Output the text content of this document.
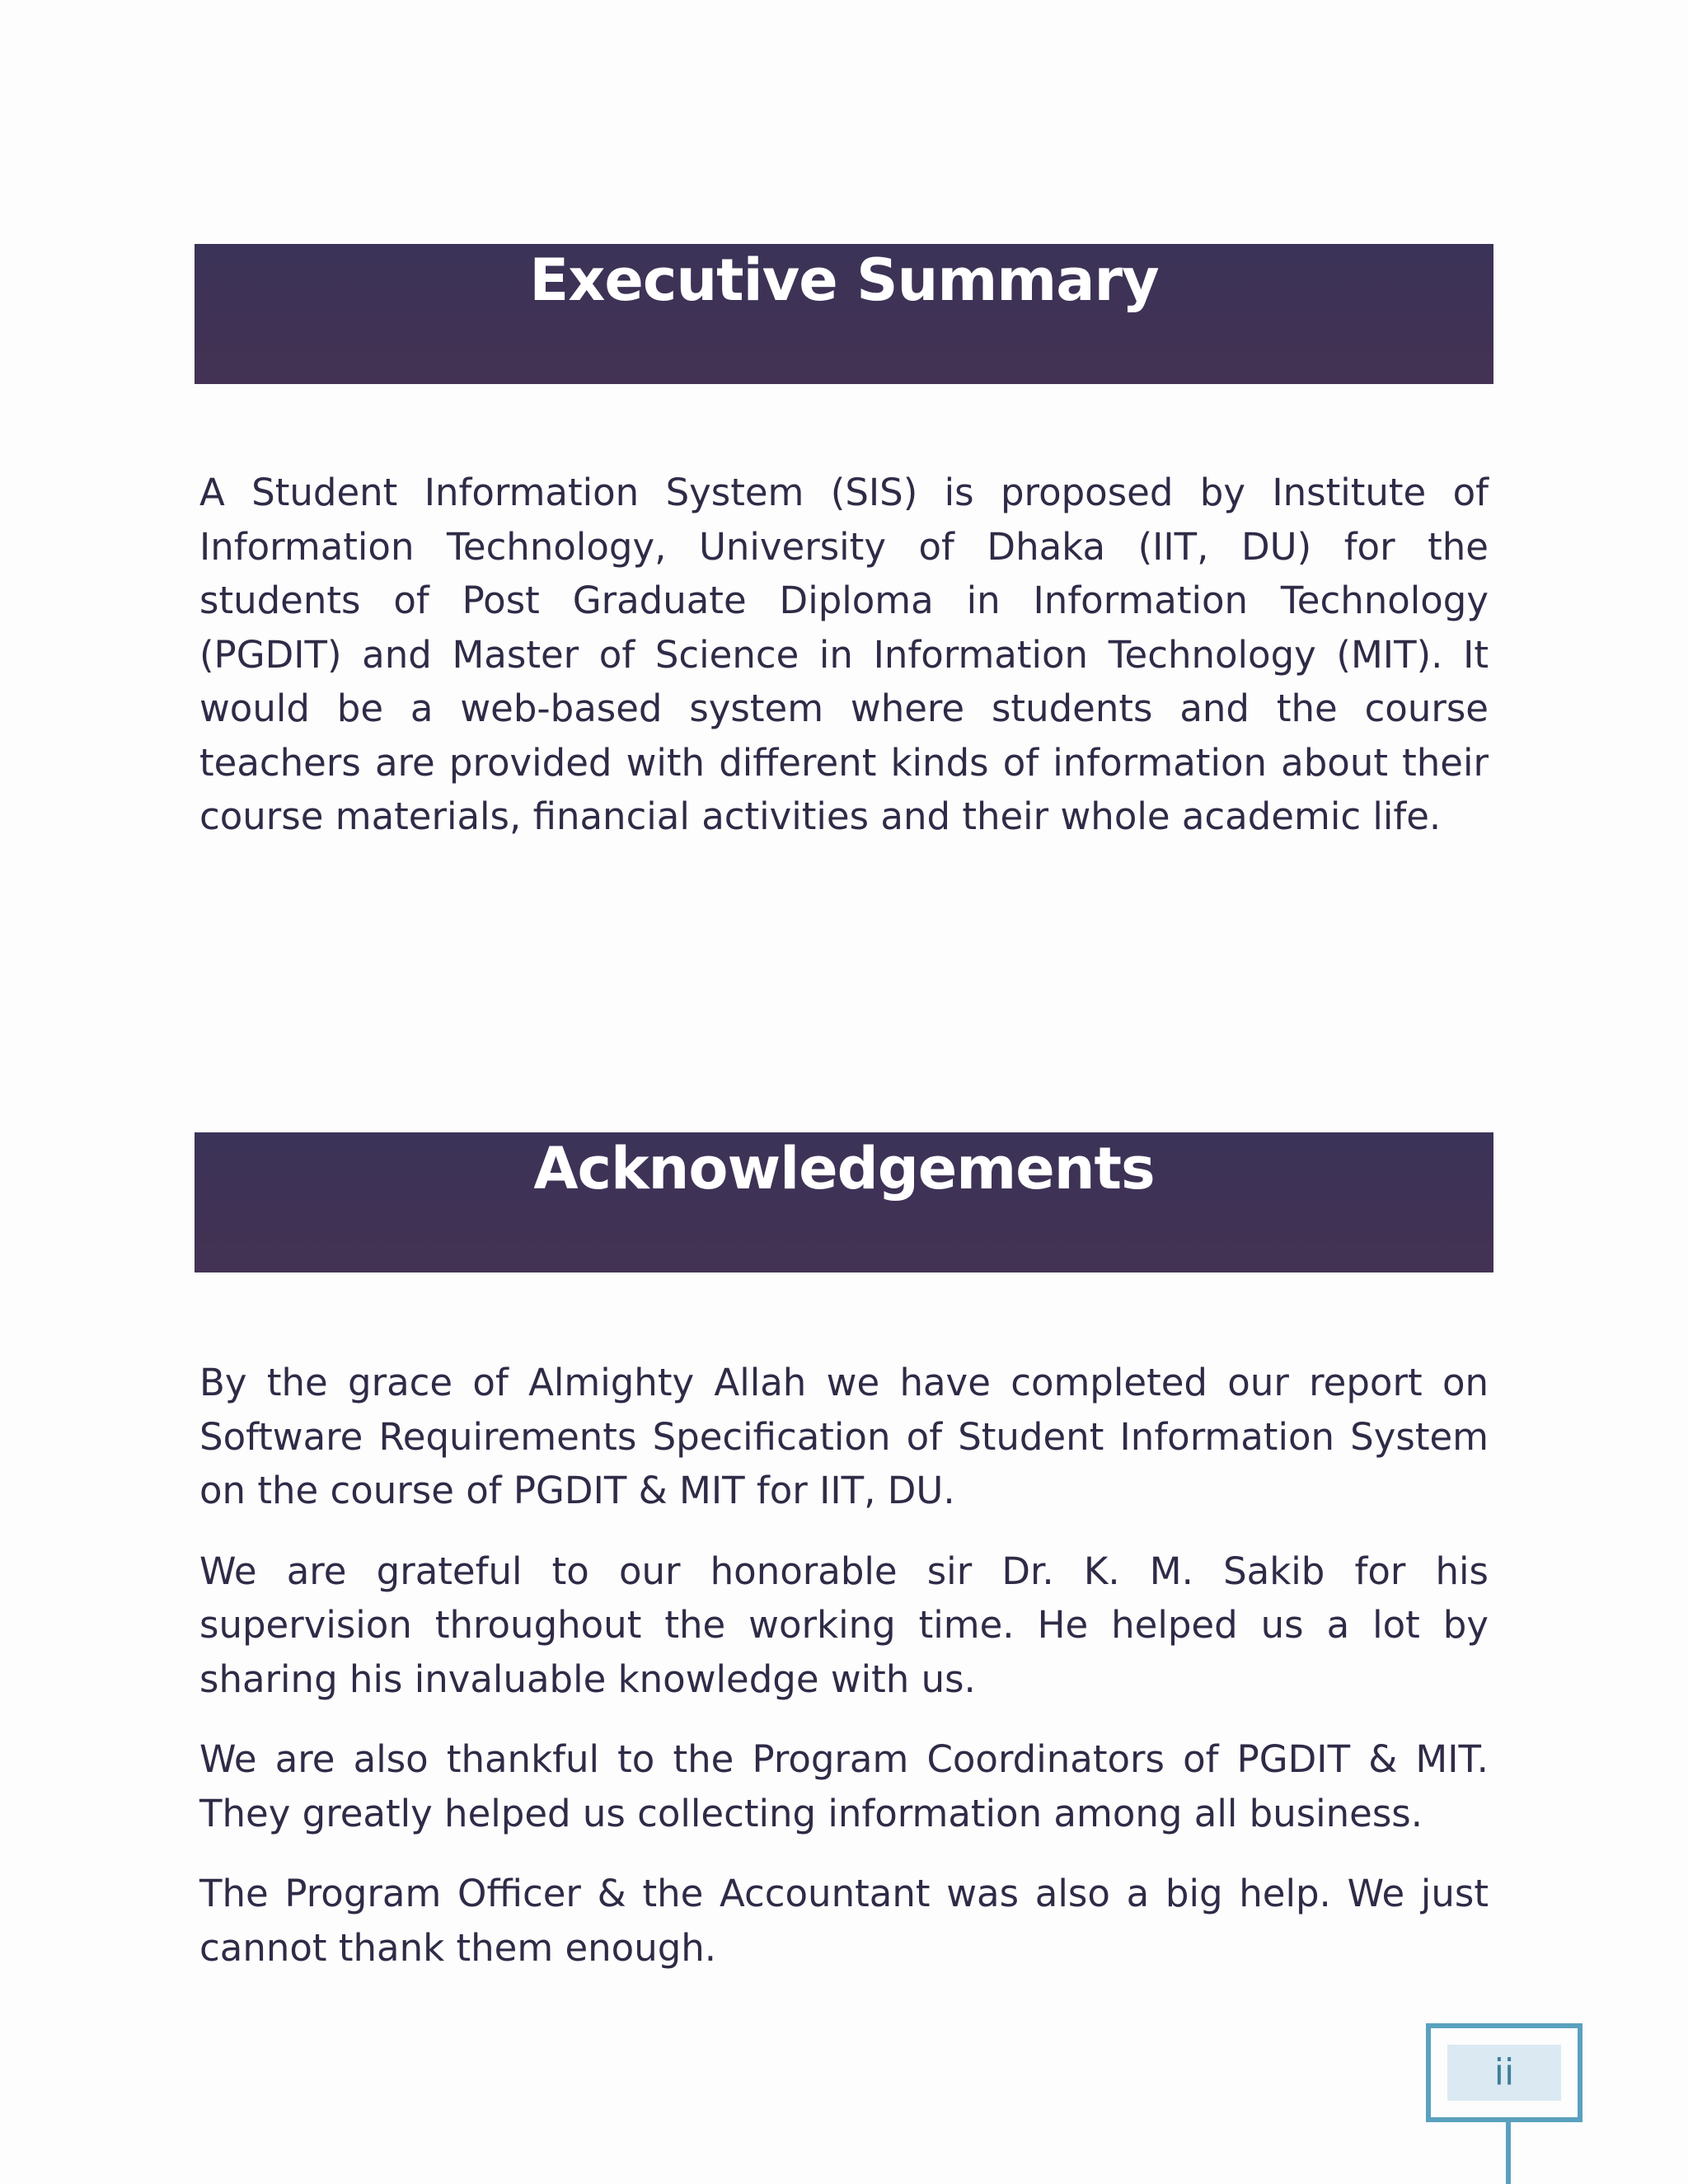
Executive Summary

A Student Information System (SIS) is proposed by Institute of Information Technology, University of Dhaka (IIT, DU) for the students of Post Graduate Diploma in Information Technology (PGDIT) and Master of Science in Information Technology (MIT). It would be a web-based system where students and the course teachers are provided with different kinds of information about their course materials, financial activities and their whole academic life.

Acknowledgements

By the grace of Almighty Allah we have completed our report on Software Requirements Specification of Student Information System on the course of PGDIT & MIT for IIT, DU.

We are grateful to our honorable sir Dr. K. M. Sakib for his supervision throughout the working time. He helped us a lot by sharing his invaluable knowledge with us.

We are also thankful to the Program Coordinators of PGDIT & MIT. They greatly helped us collecting information among all business.

The Program Officer & the Accountant was also a big help. We just cannot thank them enough.

ii
